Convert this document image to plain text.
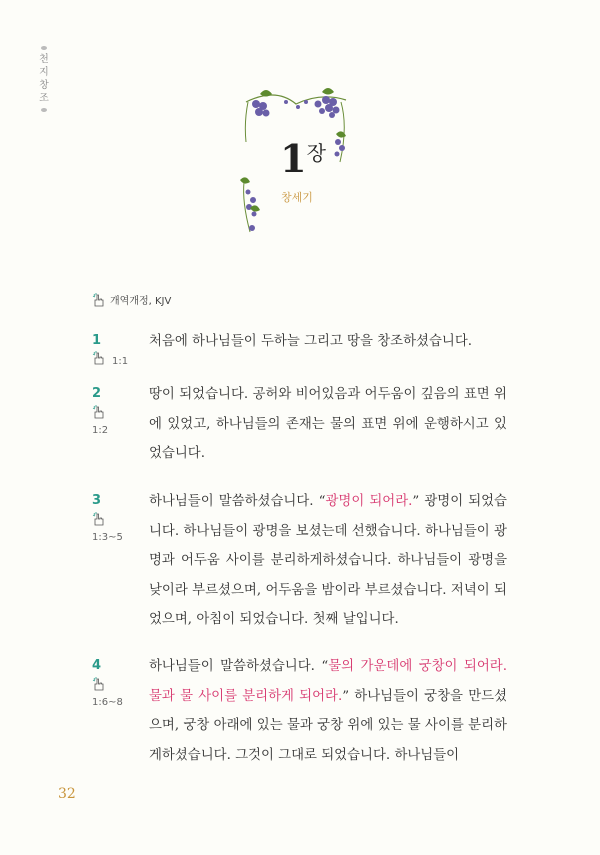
천
지
창
조
1장
창세기
개역개정, KJV
1
1:1
처음에 하나님들이 두하늘 그리고 땅을 창조하셨습니다.
2
1:2
땅이 되었습니다. 공허와 비어있음과 어두움이 깊음의 표면 위에 있었고, 하나님들의 존재는 물의 표면 위에 운행하시고 있었습니다.
3
1:3~5
하나님들이 말씀하셨습니다. “광명이 되어라.” 광명이 되었습니다. 하나님들이 광명을 보셨는데 선했습니다. 하나님들이 광명과 어두움 사이를 분리하게하셨습니다. 하나님들이 광명을 낮이라 부르셨으며, 어두움을 밤이라 부르셨습니다. 저녁이 되었으며, 아침이 되었습니다. 첫째 날입니다.
4
1:6~8
하나님들이 말씀하셨습니다. “물의 가운데에 궁창이 되어라. 물과 물 사이를 분리하게 되어라.” 하나님들이 궁창을 만드셨으며, 궁창 아래에 있는 물과 궁창 위에 있는 물 사이를 분리하게하셨습니다. 그것이 그대로 되었습니다. 하나님들이
32
